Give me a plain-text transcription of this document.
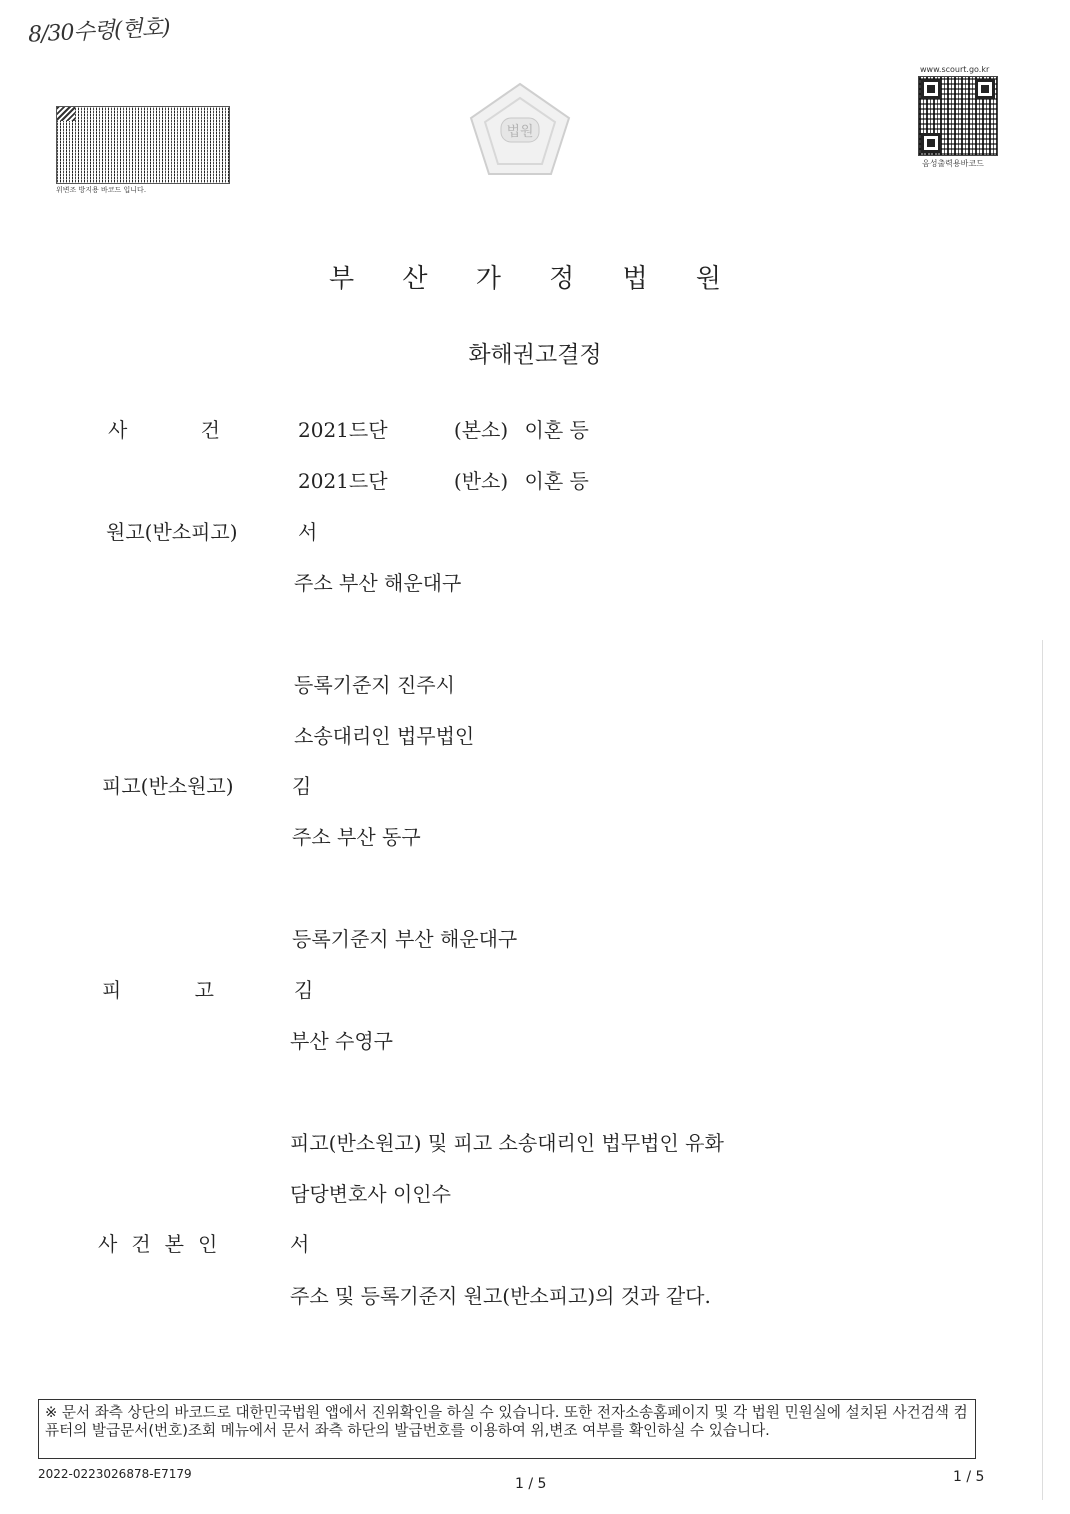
8/30수령(현호)
위변조 방지용 바코드 입니다.
법원
www.scourt.go.kr
음성출력용바코드
부 산 가 정 법 원
화해권고결정
사	건	2021드단	(본소) 이혼 등
2021드단	(반소) 이혼 등
원고(반소피고)	서
주소 부산 해운대구
등록기준지 진주시
소송대리인 법무법인
피고(반소원고)	김
주소 부산 동구
등록기준지 부산 해운대구
피	고	김
부산 수영구
피고(반소원고) 및 피고 소송대리인 법무법인 유화
담당변호사 이인수
사 건 본 인	서
주소 및 등록기준지 원고(반소피고)의 것과 같다.
※ 문서 좌측 상단의 바코드로 대한민국법원 앱에서 진위확인을 하실 수 있습니다. 또한 전자소송홈페이지 및 각 법원 민원실에 설치된 사건검색 컴퓨터의 발급문서(번호)조회 메뉴에서 문서 좌측 하단의 발급번호를 이용하여 위,변조 여부를 확인하실 수 있습니다.
2022-0223026878-E7179
1 / 5	1 / 5
